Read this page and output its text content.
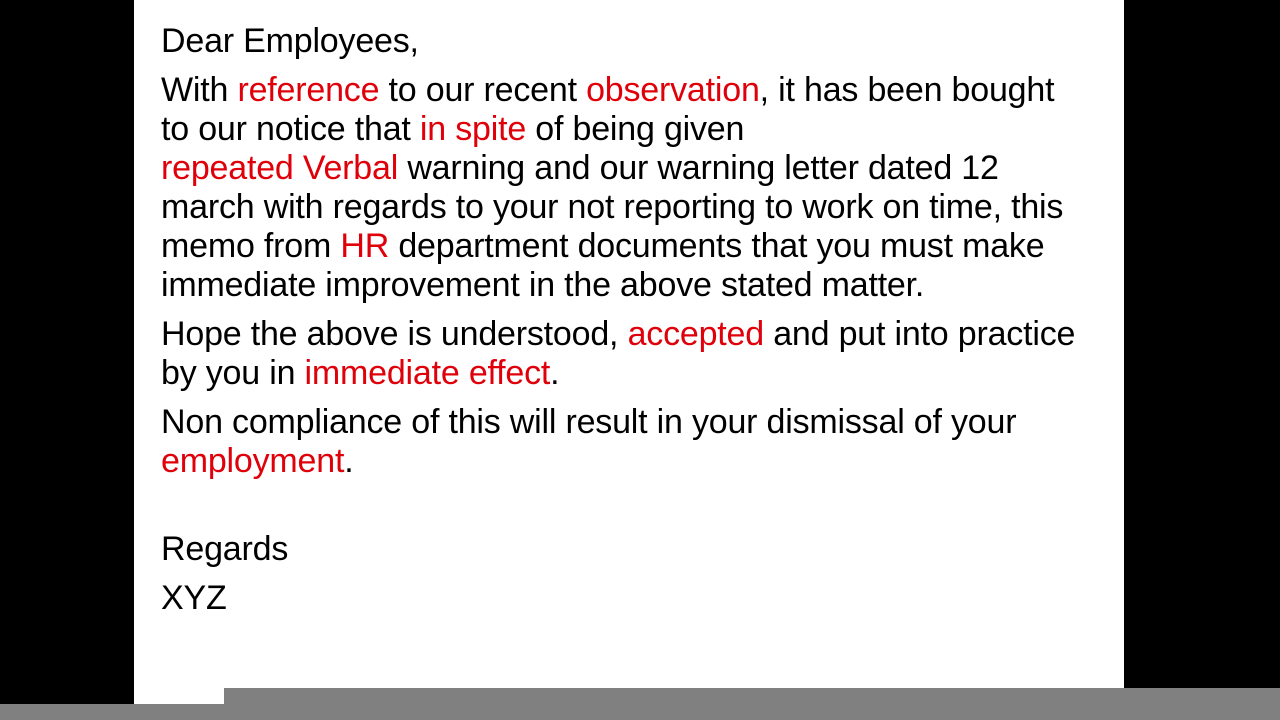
Dear Employees,

With reference to our recent observation, it has been bought to our notice that in spite of being given
repeated Verbal warning and our warning letter dated 12 march with regards to your not reporting to work on time, this memo from HR department documents that you must make immediate improvement in the above stated matter.

Hope the above is understood, accepted and put into practice by you in immediate effect.

Non compliance of this will result in your dismissal of your employment.

Regards

XYZ
